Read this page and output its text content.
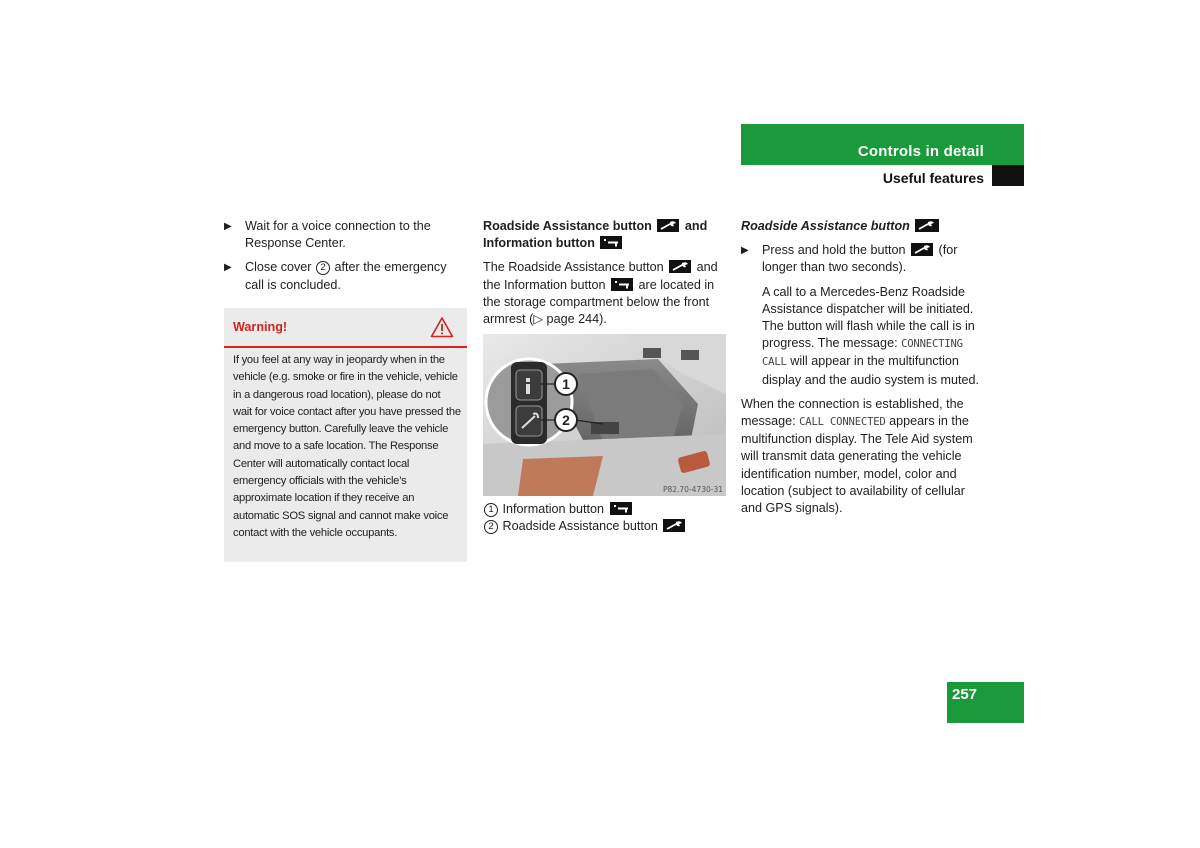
Controls in detail
Useful features
▶ Wait for a voice connection to the Response Center.
▶ Close cover 2 after the emergency call is concluded.
Warning!
If you feel at any way in jeopardy when in the vehicle (e.g. smoke or fire in the vehicle, vehicle in a dangerous road location), please do not wait for voice contact after you have pressed the emergency button. Carefully leave the vehicle and move to a safe location. The Response Center will automatically contact local emergency officials with the vehicle’s approximate location if they receive an automatic SOS signal and cannot make voice contact with the vehicle occupants.

Roadside Assistance button	and
Information button

The Roadside Assistance button	and the Information button	are located in the storage compartment below the front armrest (▷ page 244).

1
2
P82.70-4730-31

1 Information button

2 Roadside Assistance button

Roadside Assistance button

▶ Press and hold the button	(for longer than two seconds).

A call to a Mercedes-Benz Roadside Assistance dispatcher will be initiated. The button will flash while the call is in progress. The message: CONNECTING CALL will appear in the multifunction display and the audio system is muted.

When the connection is established, the message: CALL CONNECTED appears in the multifunction display. The Tele Aid system will transmit data generating the vehicle identification number, model, color and location (subject to availability of cellular and GPS signals).

257
